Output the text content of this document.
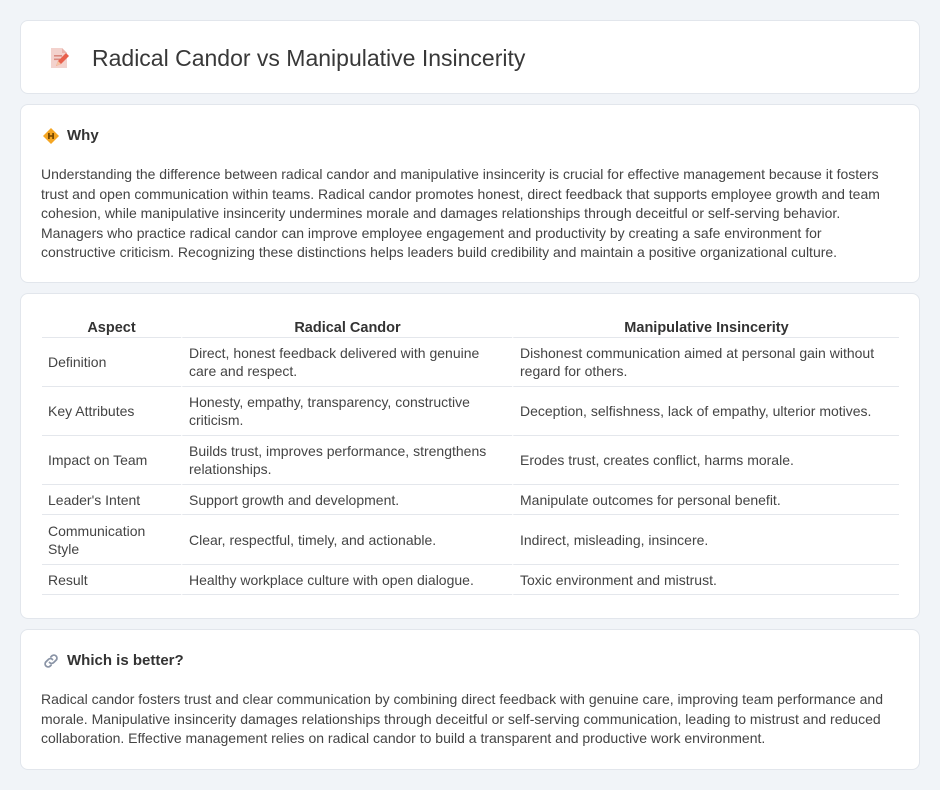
Radical Candor vs Manipulative Insincerity
Why

Understanding the difference between radical candor and manipulative insincerity is crucial for effective management because it fosters trust and open communication within teams. Radical candor promotes honest, direct feedback that supports employee growth and team cohesion, while manipulative insincerity undermines morale and damages relationships through deceitful or self-serving behavior. Managers who practice radical candor can improve employee engagement and productivity by creating a safe environment for constructive criticism. Recognizing these distinctions helps leaders build credibility and maintain a positive organizational culture.

Aspect	Radical Candor	Manipulative Insincerity
Definition	Direct, honest feedback delivered with genuine care and respect.	Dishonest communication aimed at personal gain without regard for others.
Key Attributes	Honesty, empathy, transparency, constructive criticism.	Deception, selfishness, lack of empathy, ulterior motives.
Impact on Team	Builds trust, improves performance, strengthens relationships.	Erodes trust, creates conflict, harms morale.
Leader's Intent	Support growth and development.	Manipulate outcomes for personal benefit.
Communication Style	Clear, respectful, timely, and actionable.	Indirect, misleading, insincere.
Result	Healthy workplace culture with open dialogue.	Toxic environment and mistrust.
Which is better?

Radical candor fosters trust and clear communication by combining direct feedback with genuine care, improving team performance and morale. Manipulative insincerity damages relationships through deceitful or self-serving communication, leading to mistrust and reduced collaboration. Effective management relies on radical candor to build a transparent and productive work environment.
